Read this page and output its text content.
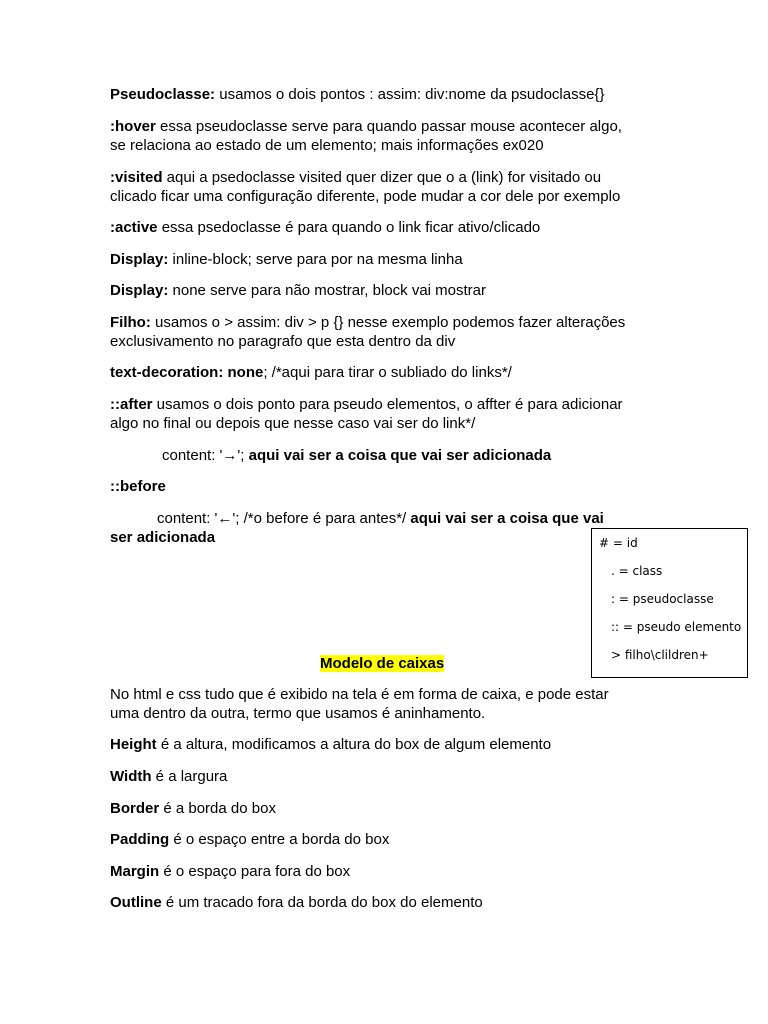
Pseudoclasse: usamos o dois pontos : assim: div:nome da psudoclasse{}
:hover essa pseudoclasse serve para quando passar mouse acontecer algo,
se relaciona ao estado de um elemento; mais informações ex020
:visited aqui a psedoclasse visited quer dizer que o a (link) for visitado ou
clicado ficar uma configuração diferente, pode mudar a cor dele por exemplo
:active essa psedoclasse é para quando o link ficar ativo/clicado
Display: inline-block; serve para por na mesma linha
Display: none serve para não mostrar, block vai mostrar
Filho: usamos o > assim: div > p {} nesse exemplo podemos fazer alterações
exclusivamento no paragrafo que esta dentro da div
text-decoration: none; /*aqui para tirar o subliado do links*/
::after usamos o dois ponto para pseudo elementos, o affter é para adicionar
algo no final ou depois que nesse caso vai ser do link*/
content: '→'; aqui vai ser a coisa que vai ser adicionada
::before
content: '←'; /*o before é para antes*/ aqui vai ser a coisa que vai
ser adicionada
Modelo de caixas
No html e css tudo que é exibido na tela é em forma de caixa, e pode estar
uma dentro da outra, termo que usamos é aninhamento.
Height é a altura, modificamos a altura do box de algum elemento
Width é a largura
Border é a borda do box
Padding é o espaço entre a borda do box
Margin é o espaço para fora do box
Outline é um tracado fora da borda do box do elemento
# = id
. = class
: = pseudoclasse
:: = pseudo elemento
> filho\clildren+
